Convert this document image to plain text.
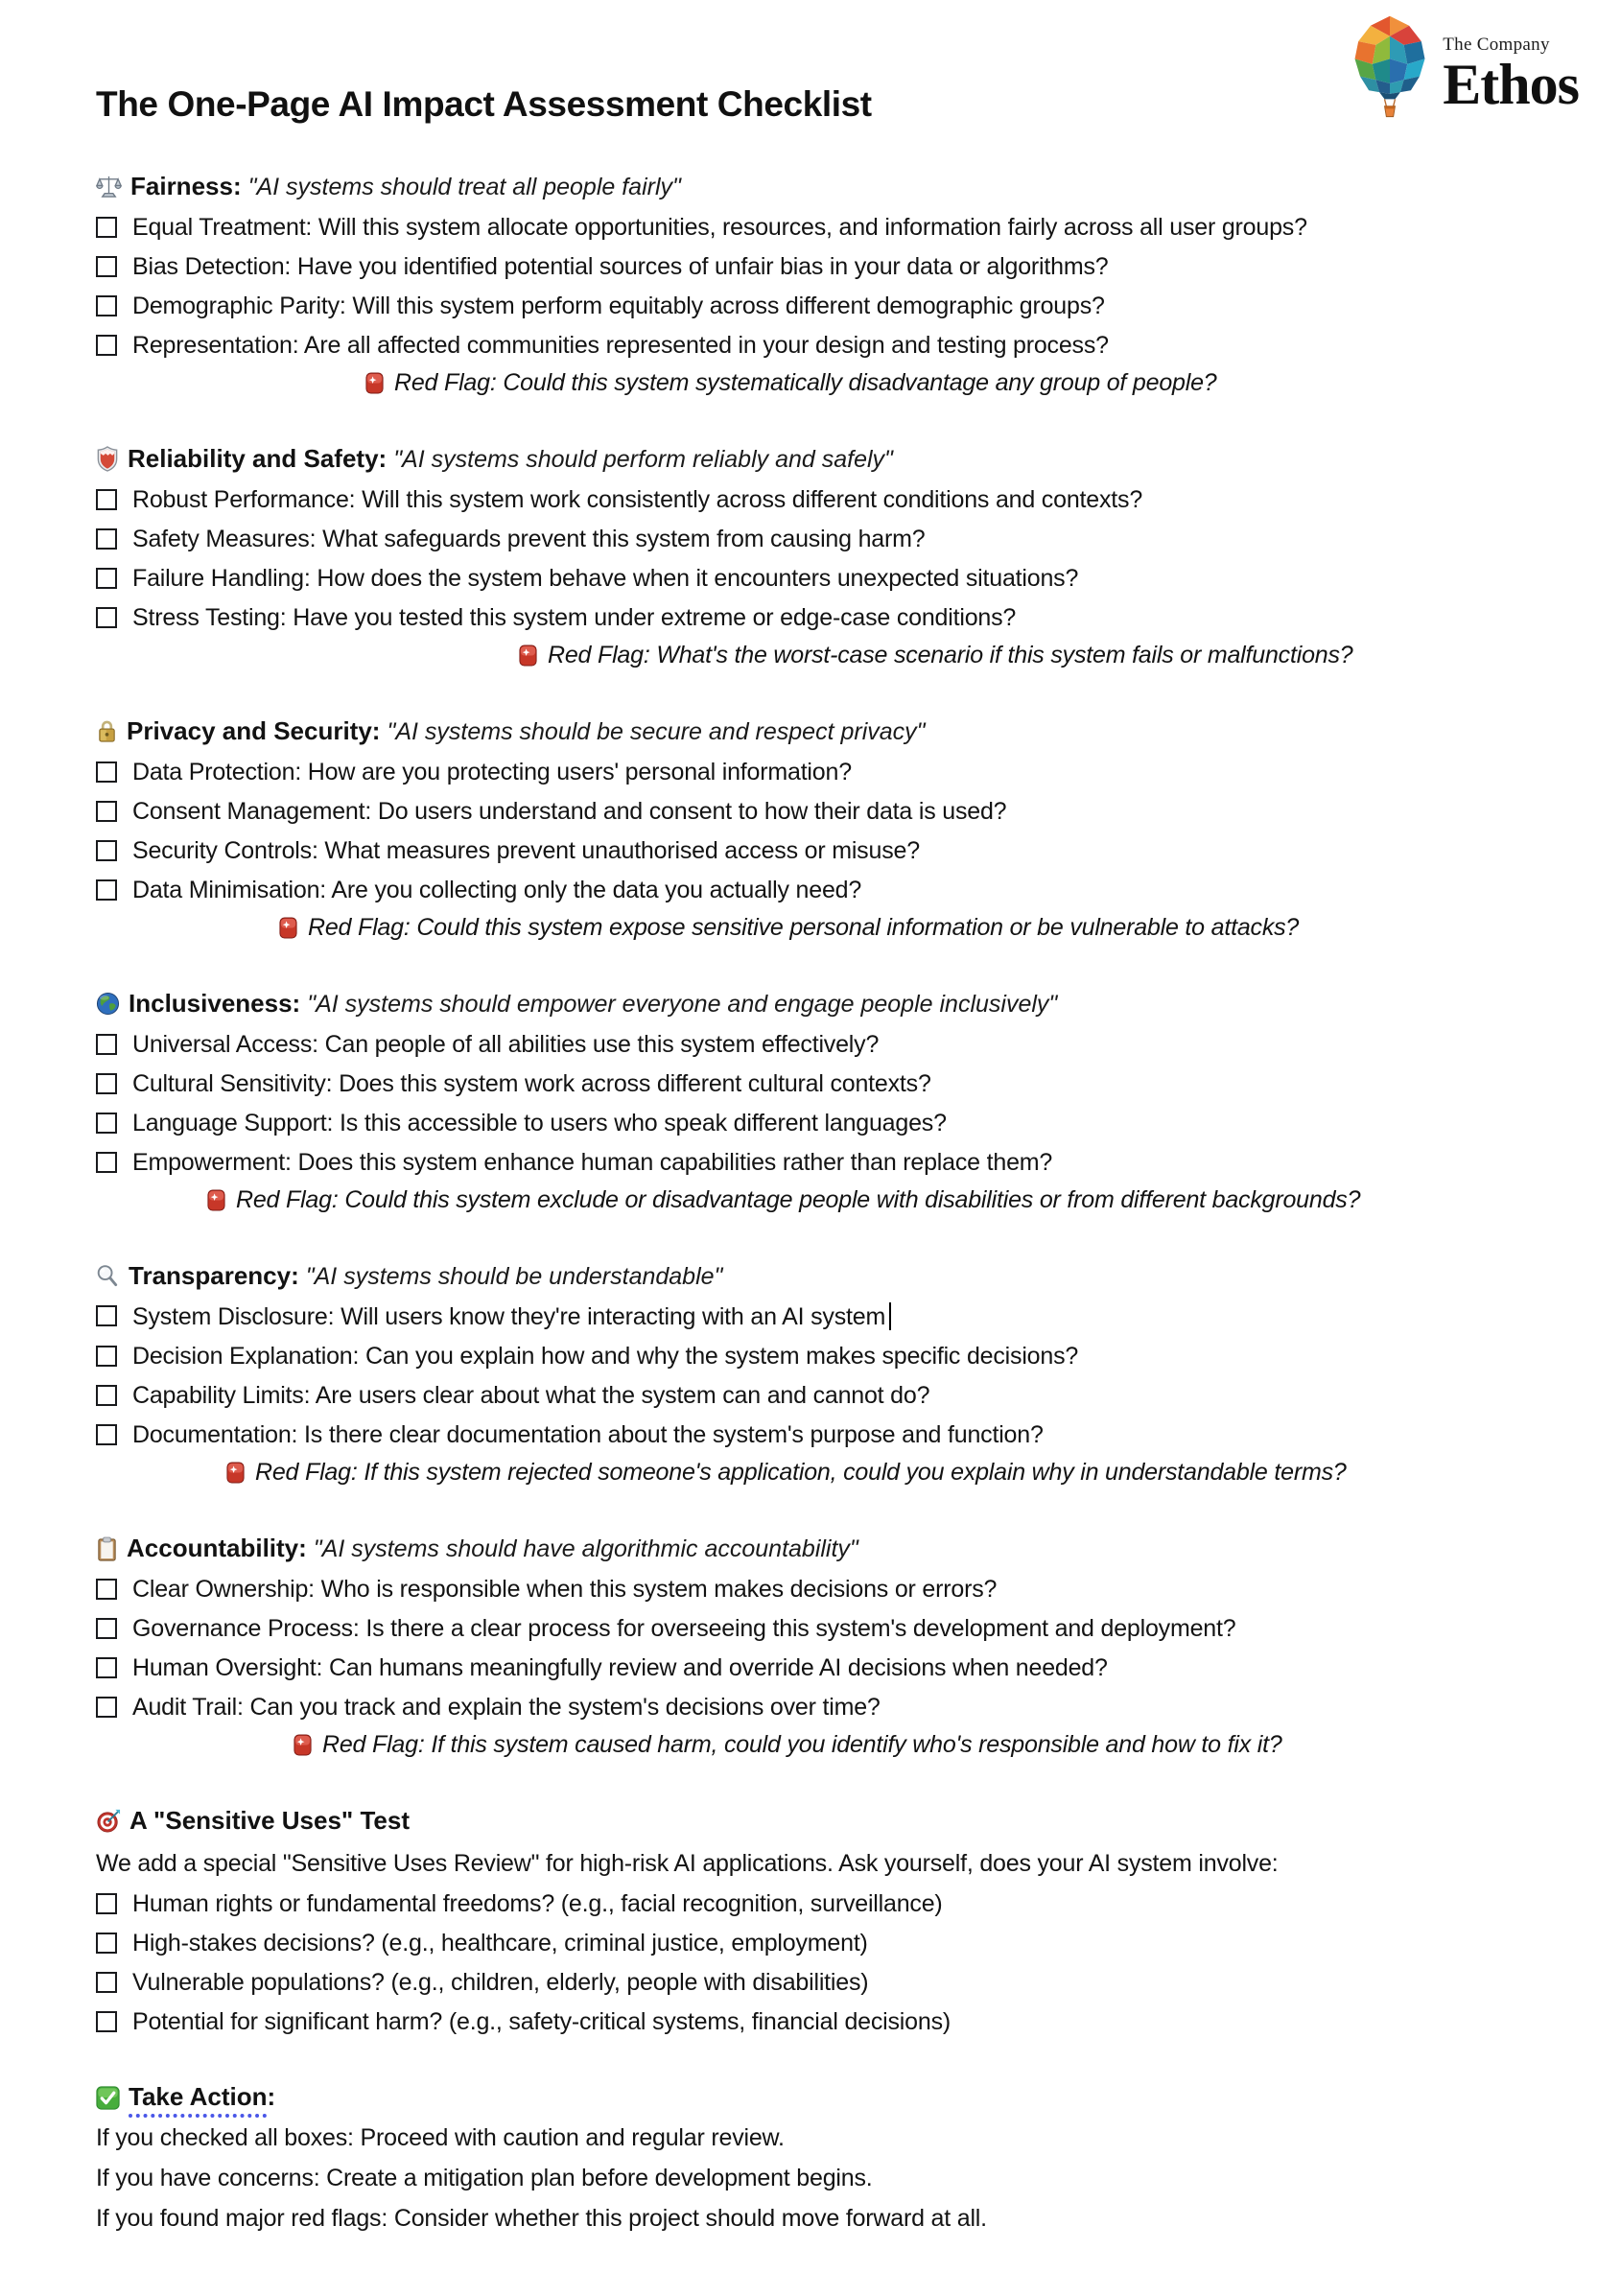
The Company
Ethos
The One-Page AI Impact Assessment Checklist
Fairness: "AI systems should treat all people fairly"
Equal Treatment: Will this system allocate opportunities, resources, and information fairly across all user groups?
Bias Detection: Have you identified potential sources of unfair bias in your data or algorithms?
Demographic Parity: Will this system perform equitably across different demographic groups?
Representation: Are all affected communities represented in your design and testing process?
Red Flag: Could this system systematically disadvantage any group of people?
Reliability and Safety: "AI systems should perform reliably and safely"
Robust Performance: Will this system work consistently across different conditions and contexts?
Safety Measures: What safeguards prevent this system from causing harm?
Failure Handling: How does the system behave when it encounters unexpected situations?
Stress Testing: Have you tested this system under extreme or edge-case conditions?
Red Flag: What's the worst-case scenario if this system fails or malfunctions?
Privacy and Security: "AI systems should be secure and respect privacy"
Data Protection: How are you protecting users' personal information?
Consent Management: Do users understand and consent to how their data is used?
Security Controls: What measures prevent unauthorised access or misuse?
Data Minimisation: Are you collecting only the data you actually need?
Red Flag: Could this system expose sensitive personal information or be vulnerable to attacks?
Inclusiveness: "AI systems should empower everyone and engage people inclusively"
Universal Access: Can people of all abilities use this system effectively?
Cultural Sensitivity: Does this system work across different cultural contexts?
Language Support: Is this accessible to users who speak different languages?
Empowerment: Does this system enhance human capabilities rather than replace them?
Red Flag: Could this system exclude or disadvantage people with disabilities or from different backgrounds?
Transparency: "AI systems should be understandable"
System Disclosure: Will users know they're interacting with an AI system
Decision Explanation: Can you explain how and why the system makes specific decisions?
Capability Limits: Are users clear about what the system can and cannot do?
Documentation: Is there clear documentation about the system's purpose and function?
Red Flag: If this system rejected someone's application, could you explain why in understandable terms?
Accountability: "AI systems should have algorithmic accountability"
Clear Ownership: Who is responsible when this system makes decisions or errors?
Governance Process: Is there a clear process for overseeing this system's development and deployment?
Human Oversight: Can humans meaningfully review and override AI decisions when needed?
Audit Trail: Can you track and explain the system's decisions over time?
Red Flag: If this system caused harm, could you identify who's responsible and how to fix it?
A "Sensitive Uses" Test
We add a special "Sensitive Uses Review" for high-risk AI applications. Ask yourself, does your AI system involve:
Human rights or fundamental freedoms? (e.g., facial recognition, surveillance)
High-stakes decisions? (e.g., healthcare, criminal justice, employment)
Vulnerable populations? (e.g., children, elderly, people with disabilities)
Potential for significant harm? (e.g., safety-critical systems, financial decisions)
Take Action:
If you checked all boxes: Proceed with caution and regular review.
If you have concerns: Create a mitigation plan before development begins.
If you found major red flags: Consider whether this project should move forward at all.
